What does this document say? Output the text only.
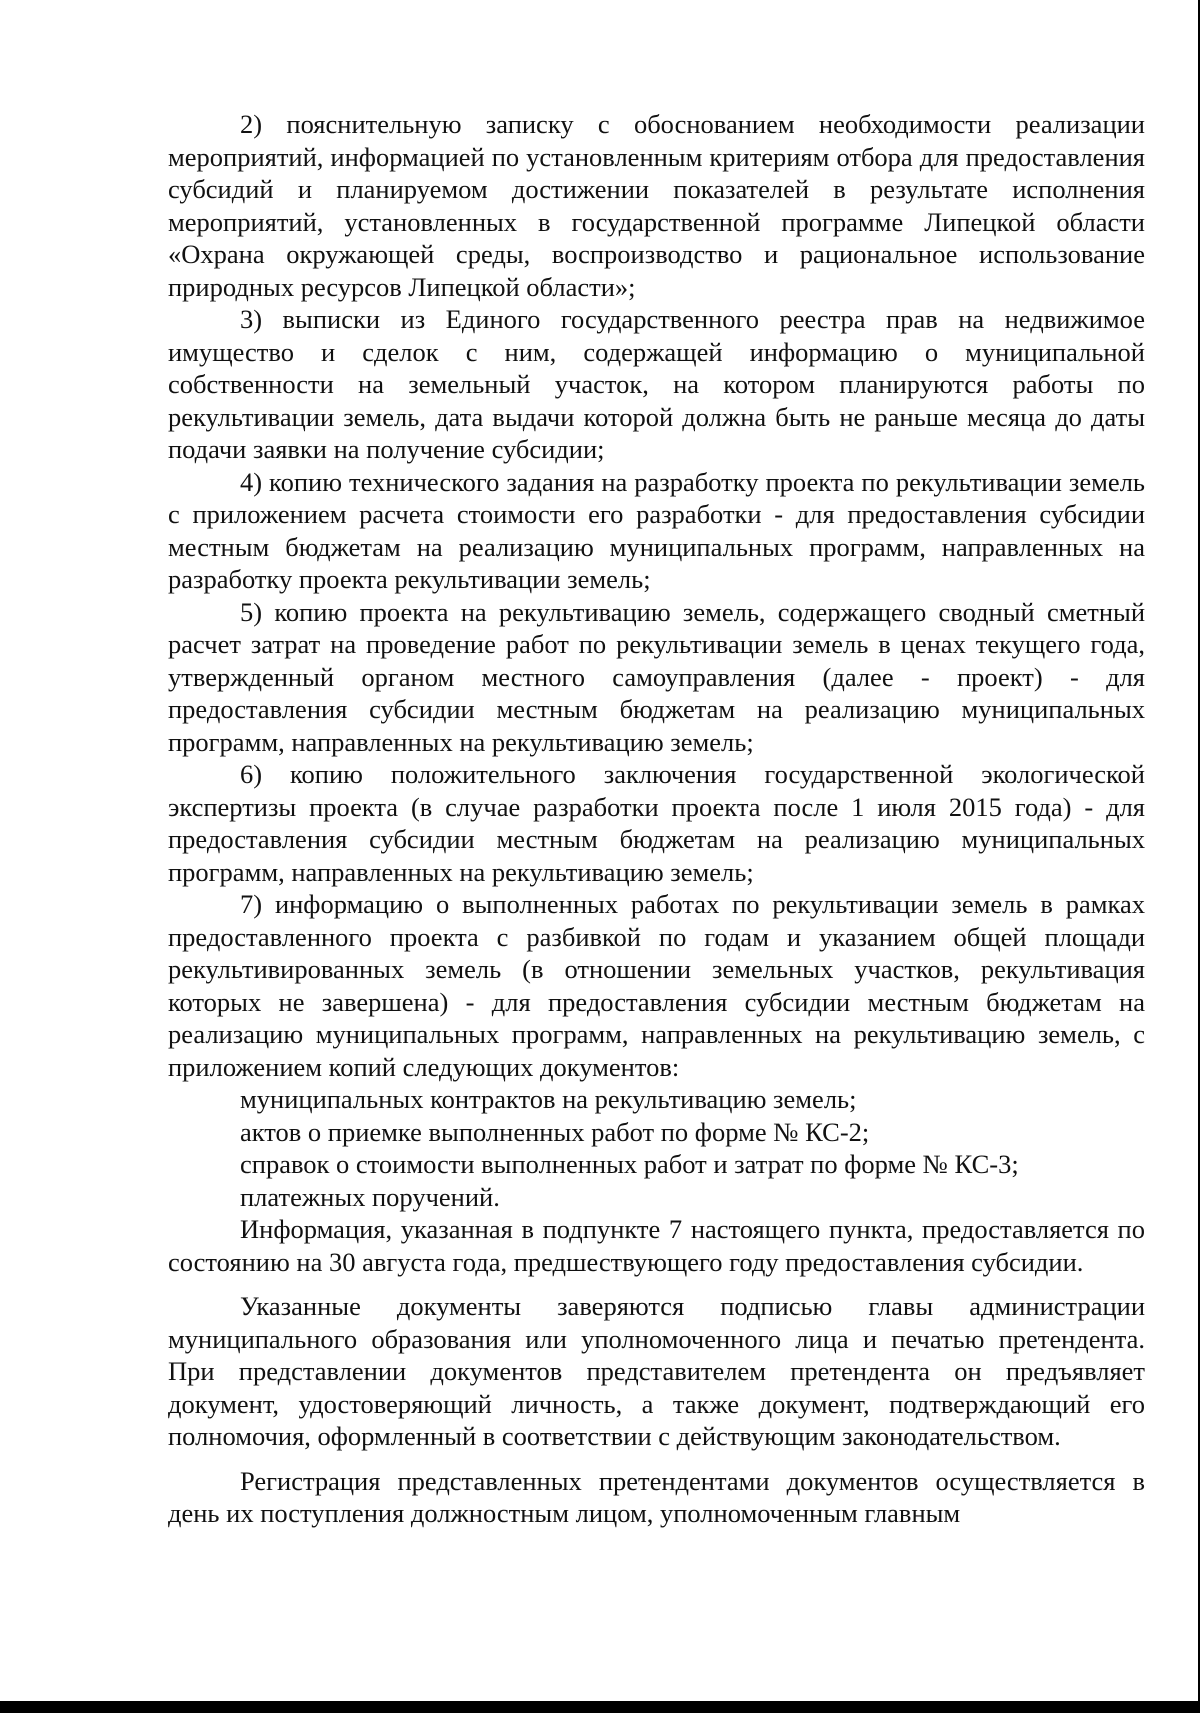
2) пояснительную записку с обоснованием необходимости реализации мероприятий, информацией по установленным критериям отбора для предоставления субсидий и планируемом достижении показателей в результате исполнения мероприятий, установленных в государственной программе Липецкой области «Охрана окружающей среды, воспроизводство и рациональное использование природных ресурсов Липецкой области»;

3) выписки из Единого государственного реестра прав на недвижимое имущество и сделок с ним, содержащей информацию о муниципальной собственности на земельный участок, на котором планируются работы по рекультивации земель, дата выдачи которой должна быть не раньше месяца до даты подачи заявки на получение субсидии;

4) копию технического задания на разработку проекта по рекультивации земель с приложением расчета стоимости его разработки - для предоставления субсидии местным бюджетам на реализацию муниципальных программ, направленных на разработку проекта рекультивации земель;

5) копию проекта на рекультивацию земель, содержащего сводный сметный расчет затрат на проведение работ по рекультивации земель в ценах текущего года, утвержденный органом местного самоуправления (далее - проект) - для предоставления субсидии местным бюджетам на реализацию муниципальных программ, направленных на рекультивацию земель;

6) копию положительного заключения государственной экологической экспертизы проекта (в случае разработки проекта после 1 июля 2015 года) - для предоставления субсидии местным бюджетам на реализацию муниципальных программ, направленных на рекультивацию земель;

7) информацию о выполненных работах по рекультивации земель в рамках предоставленного проекта с разбивкой по годам и указанием общей площади рекультивированных земель (в отношении земельных участков, рекультивация которых не завершена) - для предоставления субсидии местным бюджетам на реализацию муниципальных программ, направленных на рекультивацию земель, с приложением копий следующих документов:

муниципальных контрактов на рекультивацию земель;

актов о приемке выполненных работ по форме № КС-2;

справок о стоимости выполненных работ и затрат по форме № КС-3;

платежных поручений.

Информация, указанная в подпункте 7 настоящего пункта, предоставляется по состоянию на 30 августа года, предшествующего году предоставления субсидии.

Указанные документы заверяются подписью главы администрации муниципального образования или уполномоченного лица и печатью претендента. При представлении документов представителем претендента он предъявляет документ, удостоверяющий личность, а также документ, подтверждающий его полномочия, оформленный в соответствии с действующим законодательством.

Регистрация представленных претендентами документов осуществляется в день их поступления должностным лицом, уполномоченным главным
